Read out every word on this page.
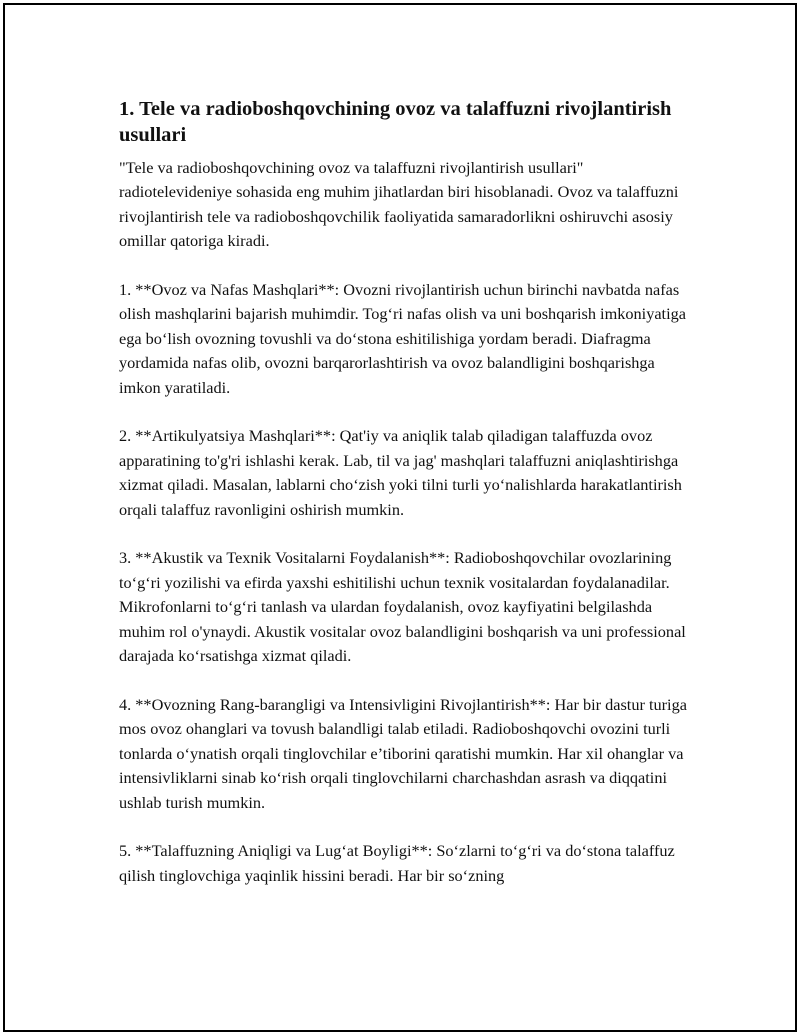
1. Tele va radioboshqovchining ovoz va talaffuzni rivojlantirish usullari

"Tele va radioboshqovchining ovoz va talaffuzni rivojlantirish usullari" radiotelevideniye sohasida eng muhim jihatlardan biri hisoblanadi. Ovoz va talaffuzni rivojlantirish tele va radioboshqovchilik faoliyatida samaradorlikni oshiruvchi asosiy omillar qatoriga kiradi.

1. **Ovoz va Nafas Mashqlari**: Ovozni rivojlantirish uchun birinchi navbatda nafas olish mashqlarini bajarish muhimdir. Tog‘ri nafas olish va uni boshqarish imkoniyatiga ega bo‘lish ovozning tovushli va do‘stona eshitilishiga yordam beradi. Diafragma yordamida nafas olib, ovozni barqarorlashtirish va ovoz balandligini boshqarishga imkon yaratiladi.

2. **Artikulyatsiya Mashqlari**: Qat'iy va aniqlik talab qiladigan talaffuzda ovoz apparatining to'g'ri ishlashi kerak. Lab, til va jag' mashqlari talaffuzni aniqlashtirishga xizmat qiladi. Masalan, lablarni cho‘zish yoki tilni turli yo‘nalishlarda harakatlantirish orqali talaffuz ravonligini oshirish mumkin.

3. **Akustik va Texnik Vositalarni Foydalanish**: Radioboshqovchilar ovozlarining to‘g‘ri yozilishi va efirda yaxshi eshitilishi uchun texnik vositalardan foydalanadilar. Mikrofonlarni to‘g‘ri tanlash va ulardan foydalanish, ovoz kayfiyatini belgilashda muhim rol o'ynaydi. Akustik vositalar ovoz balandligini boshqarish va uni professional darajada ko‘rsatishga xizmat qiladi.

4. **Ovozning Rang-barangligi va Intensivligini Rivojlantirish**: Har bir dastur turiga mos ovoz ohanglari va tovush balandligi talab etiladi. Radioboshqovchi ovozini turli tonlarda o‘ynatish orqali tinglovchilar e’tiborini qaratishi mumkin. Har xil ohanglar va intensivliklarni sinab ko‘rish orqali tinglovchilarni charchashdan asrash va diqqatini ushlab turish mumkin.

5. **Talaffuzning Aniqligi va Lug‘at Boyligi**: So‘zlarni to‘g‘ri va do‘stona talaffuz qilish tinglovchiga yaqinlik hissini beradi. Har bir so‘zning
